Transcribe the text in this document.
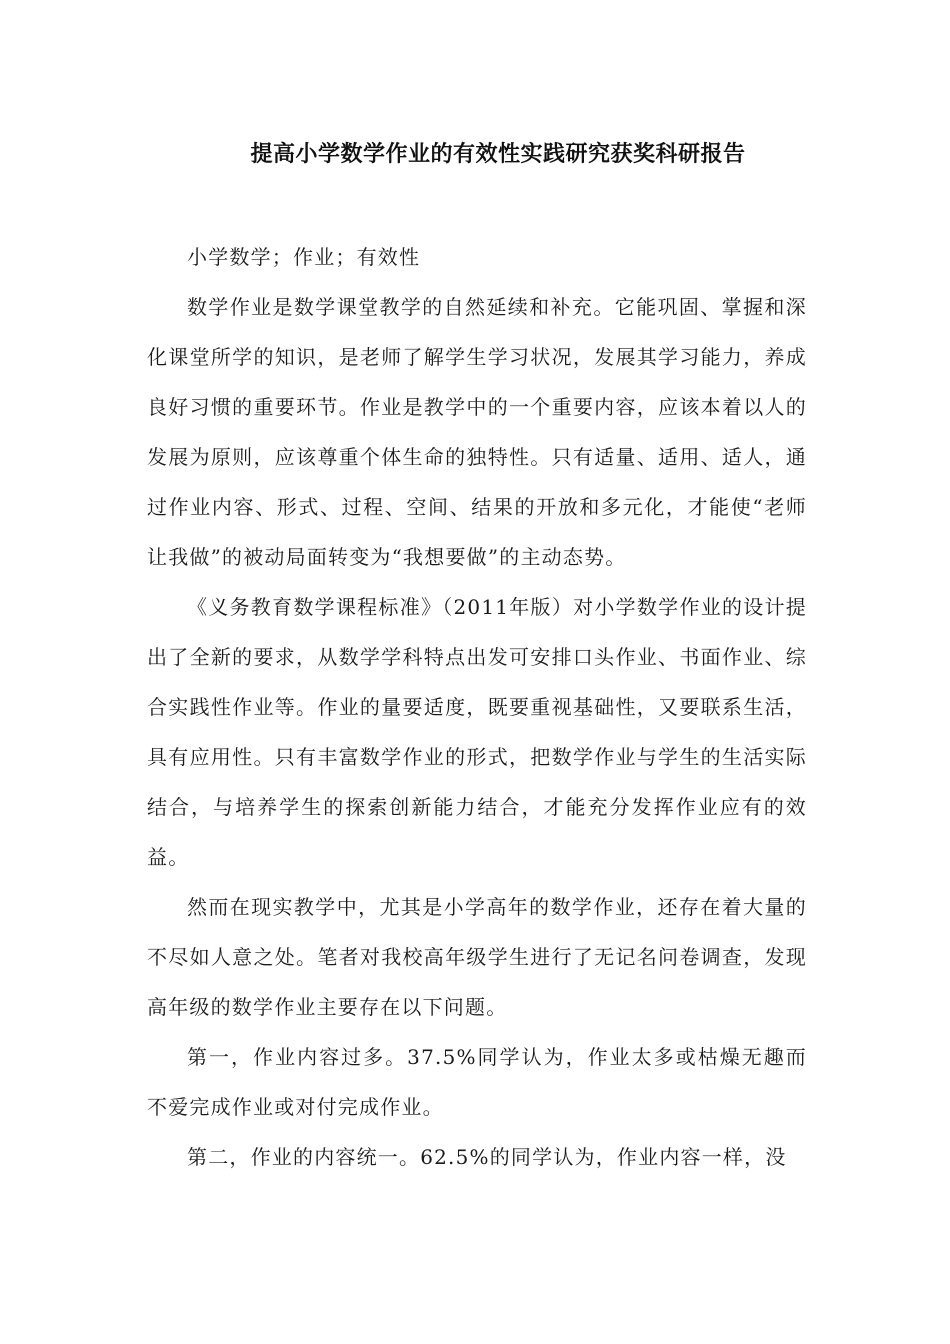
提高小学数学作业的有效性实践研究获奖科研报告

小学数学；作业；有效性

数学作业是数学课堂教学的自然延续和补充。它能巩固、掌握和深化课堂所学的知识，是老师了解学生学习状况，发展其学习能力，养成良好习惯的重要环节。作业是教学中的一个重要内容，应该本着以人的发展为原则，应该尊重个体生命的独特性。只有适量、适用、适人，通过作业内容、形式、过程、空间、结果的开放和多元化，才能使“老师让我做”的被动局面转变为“我想要做”的主动态势。

《义务教育数学课程标准》（2011年版）对小学数学作业的设计提出了全新的要求，从数学学科特点出发可安排口头作业、书面作业、综合实践性作业等。作业的量要适度，既要重视基础性，又要联系生活，具有应用性。只有丰富数学作业的形式，把数学作业与学生的生活实际结合，与培养学生的探索创新能力结合，才能充分发挥作业应有的效益。

然而在现实教学中，尤其是小学高年的数学作业，还存在着大量的不尽如人意之处。笔者对我校高年级学生进行了无记名问卷调查，发现高年级的数学作业主要存在以下问题。

第一，作业内容过多。37.5%同学认为，作业太多或枯燥无趣而不爱完成作业或对付完成作业。

第二，作业的内容统一。62.5%的同学认为，作业内容一样，没
